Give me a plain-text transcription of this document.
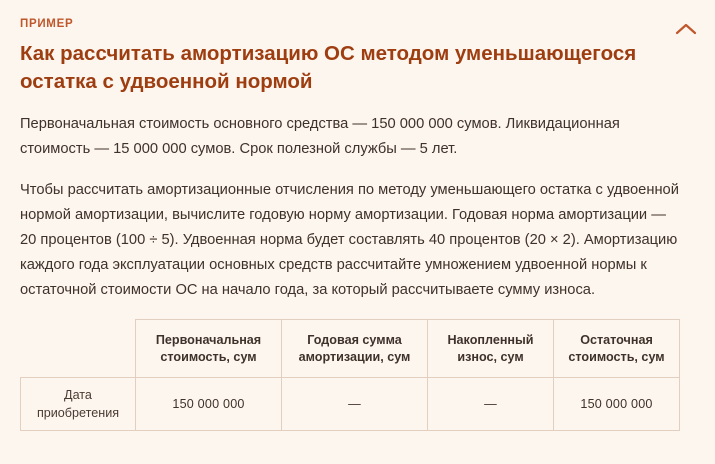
ПРИМЕР
Как рассчитать амортизацию ОС методом уменьшающегося остатка с удвоенной нормой

Первоначальная стоимость основного средства — 150 000 000 сумов. Ликвидационная стоимость — 15 000 000 сумов. Срок полезной службы — 5 лет.

Чтобы рассчитать амортизационные отчисления по методу уменьшающего остатка с удвоенной нормой амортизации, вычислите годовую норму амортизации. Годовая норма амортизации — 20 процентов (100 ÷ 5). Удвоенная норма будет составлять 40 процентов (20 × 2). Амортизацию каждого года эксплуатации основных средств рассчитайте умножением удвоенной нормы к остаточной стоимости ОС на начало года, за который рассчитываете сумму износа.

	Первоначальная стоимость, сум	Годовая сумма амортизации, сум	Накопленный износ, сум	Остаточная стоимость, сум
Дата приобретения	150 000 000	—	—	150 000 000
